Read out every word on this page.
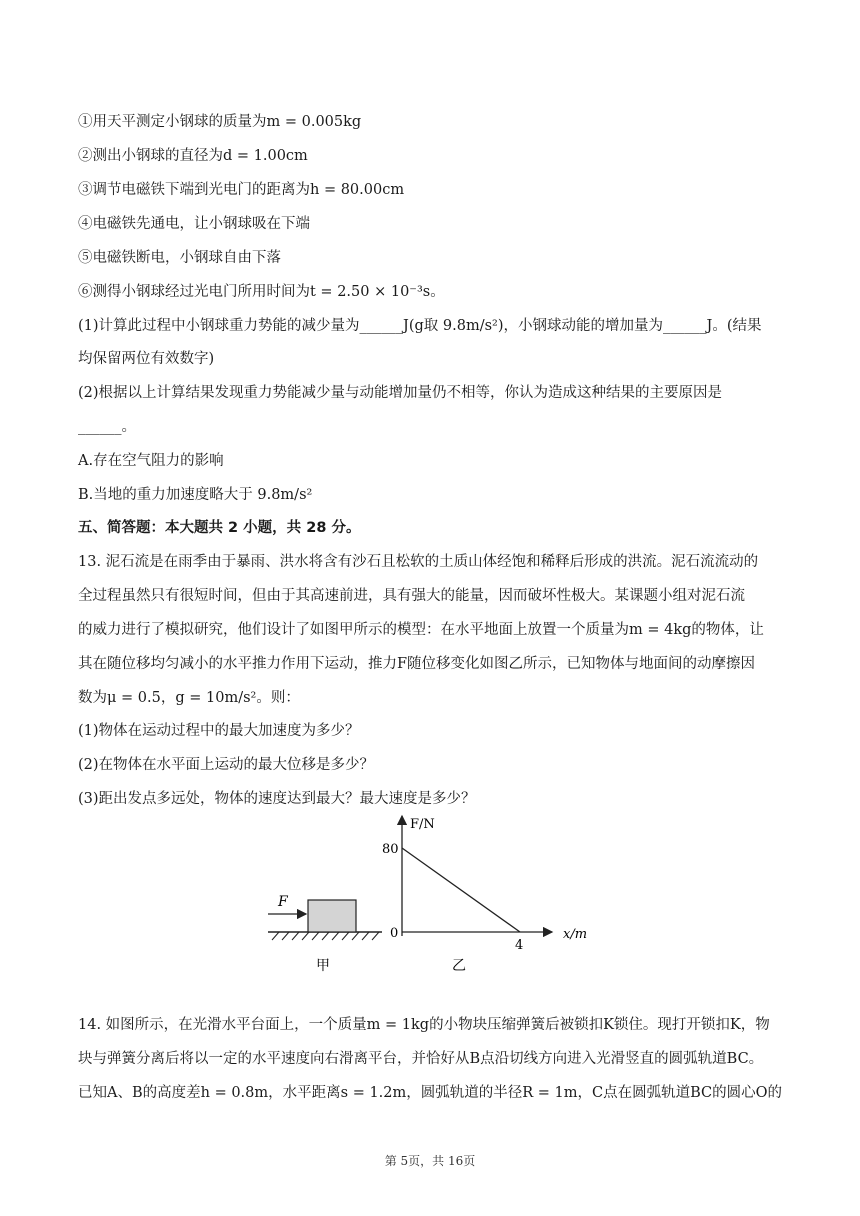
①用天平测定小钢球的质量为m = 0.005kg
②测出小钢球的直径为d = 1.00cm
③调节电磁铁下端到光电门的距离为h = 80.00cm
④电磁铁先通电，让小钢球吸在下端
⑤电磁铁断电，小钢球自由下落
⑥测得小钢球经过光电门所用时间为t = 2.50 × 10⁻³s。
(1)计算此过程中小钢球重力势能的减少量为______J(g取 9.8m/s²)，小钢球动能的增加量为______J。(结果
均保留两位有效数字)
(2)根据以上计算结果发现重力势能减少量与动能增加量仍不相等，你认为造成这种结果的主要原因是
______。
A.存在空气阻力的影响
B.当地的重力加速度略大于 9.8m/s²
五、简答题：本大题共 2 小题，共 28 分。
13. 泥石流是在雨季由于暴雨、洪水将含有沙石且松软的土质山体经饱和稀释后形成的洪流。泥石流流动的
全过程虽然只有很短时间，但由于其高速前进，具有强大的能量，因而破坏性极大。某课题小组对泥石流
的威力进行了模拟研究，他们设计了如图甲所示的模型：在水平地面上放置一个质量为m = 4kg的物体，让
其在随位移均匀减小的水平推力作用下运动，推力F随位移变化如图乙所示，已知物体与地面间的动摩擦因
数为μ = 0.5，g = 10m/s²。则：
(1)物体在运动过程中的最大加速度为多少？
(2)在物体在水平面上运动的最大位移是多少？
(3)距出发点多远处，物体的速度达到最大？最大速度是多少？
F
甲
F/N
80
0
4
x/m
乙
14. 如图所示，在光滑水平台面上，一个质量m = 1kg的小物块压缩弹簧后被锁扣K锁住。现打开锁扣K，物
块与弹簧分离后将以一定的水平速度向右滑离平台，并恰好从B点沿切线方向进入光滑竖直的圆弧轨道BC。
已知A、B的高度差h = 0.8m，水平距离s = 1.2m，圆弧轨道的半径R = 1m，C点在圆弧轨道BC的圆心O的
第 5页，共 16页
